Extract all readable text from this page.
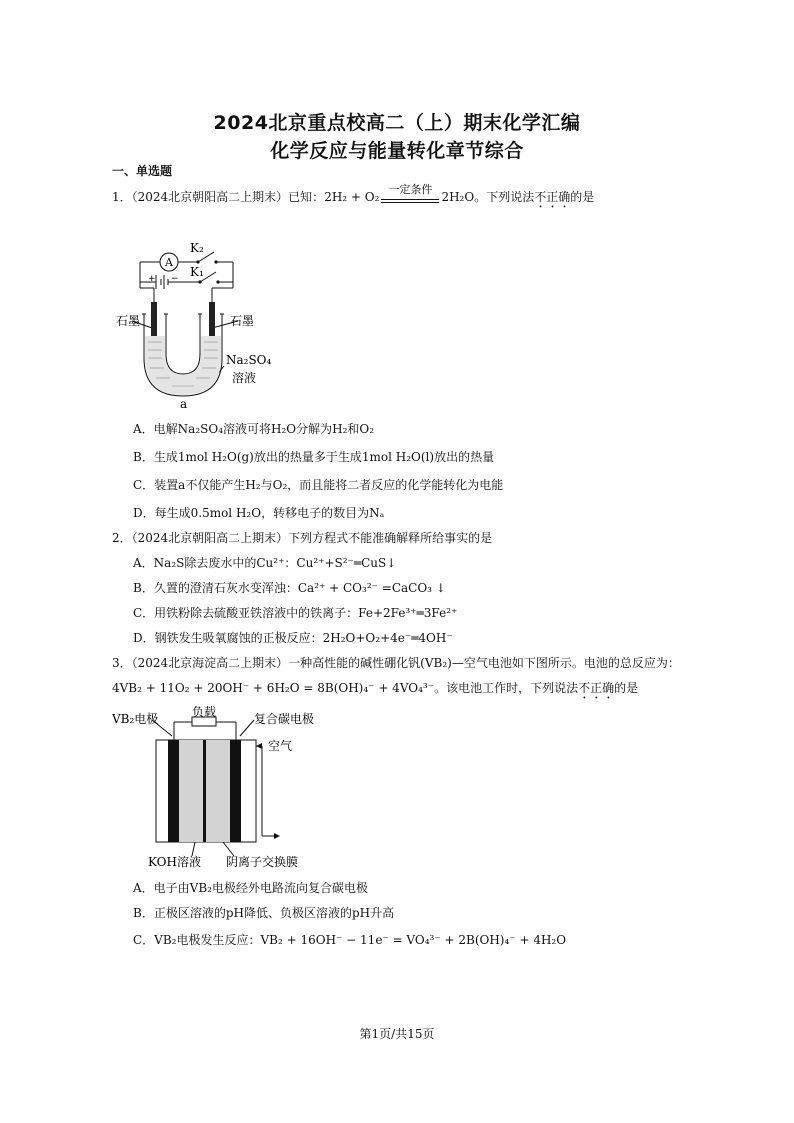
2024北京重点校高二（上）期末化学汇编
化学反应与能量转化章节综合
一、单选题
1．（2024北京朝阳高二上期末）已知：2H₂ + O₂
一定条件
2H₂O。下列说法不正确的是
A
K₂
K₁
+ −
石墨	石墨
Na₂SO₄
溶液
a
A．电解Na₂SO₄溶液可将H₂O分解为H₂和O₂
B．生成1mol H₂O(g)放出的热量多于生成1mol H₂O(l)放出的热量
C．装置a不仅能产生H₂与O₂，而且能将二者反应的化学能转化为电能
D．每生成0.5mol H₂O，转移电子的数目为Nₐ
2．（2024北京朝阳高二上期末）下列方程式不能准确解释所给事实的是
A．Na₂S除去废水中的Cu²⁺：Cu²⁺+S²⁻═CuS↓
B．久置的澄清石灰水变浑浊：Ca²⁺ + CO₃²⁻ =CaCO₃ ↓
C．用铁粉除去硫酸亚铁溶液中的铁离子：Fe+2Fe³⁺═3Fe²⁺
D．钢铁发生吸氧腐蚀的正极反应：2H₂O+O₂+4e⁻═4OH⁻
3．（2024北京海淀高二上期末）一种高性能的碱性硼化钒(VB₂)—空气电池如下图所示。电池的总反应为：
4VB₂ + 11O₂ + 20OH⁻ + 6H₂O = 8B(OH)₄⁻ + 4VO₄³⁻。该电池工作时，下列说法不正确的是
VB₂电极	负载	复合碳电极
空气
KOH溶液 阴离子交换膜
A．电子由VB₂电极经外电路流向复合碳电极
B．正极区溶液的pH降低、负极区溶液的pH升高
C．VB₂电极发生反应：VB₂ + 16OH⁻ − 11e⁻ = VO₄³⁻ + 2B(OH)₄⁻ + 4H₂O
第1页/共15页
